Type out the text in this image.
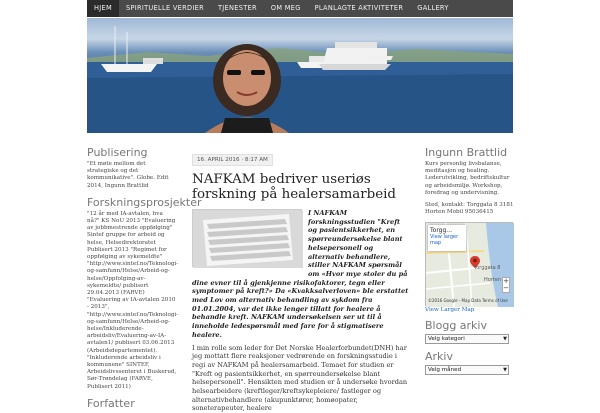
HJEM	SPIRITUELLE VERDIER	TJENESTER	OM MEG	PLANLAGTE AKTIVITETER	GALLERY
Publisering
"Et møte mellom det strategiske og det kommunikative". Globe. Edit 2014, Ingunn Brattlid
Forskningsprosjekter
"12 år med IA-avtalen, hva nå?" KS NoU 2013 "Evaluering av jobbmestrende oppfølging" Sintef gruppe for arbeid og helse, Helsedirektoratet Publisert 2013 "Regimet for oppfølging av sykemeldte" "http://www.sintef.no/Teknologi-og-samfunn/Helse/Arbeid-og-helse/Oppfolging-av-sykemeldte/ publisert 29.04.2013 (FARVE) "Evaluering av IA-avtalen 2010 - 2013", "http://www.sintef.no/Teknologi-og-samfunn/Helse/Arbeid-og-helse/Inkluderende-arbeidsliv/Evaluering-av-IA-avtalen1/ publisert 03.06.2013 (Arbeidsdepartementet). "Inkluderende arbeidsliv i kommunene" SINTEF, Arbeidslivssenteret i Buskerud, Sør-Trøndelag (FARVE, Publisert 2011)
Forfatter
16. APRIL 2016 · 8:17 AM
NAFKAM bedriver useriøs forskning på healersamarbeid
I NAFKAM forskningsstudien "Kreft og pasientsikkerhet, en spørreundersøkelse blant helsepersonell og alternativ behandlere, stiller NAFKAM spørsmål om «Hvor mye stoler du på dine evner til å gjenkjenne risikofaktorer, tegn eller symptomer på kreft?» Da «Kvakksalverloven» ble erstattet med Lov om alternativ behandling av sykdom fra 01.01.2004, var det ikke lenger tillatt for healere å behandle kreft. NAFKAM undersøkelsen ser ut til å inneholde ledespørsmål med fare for å stigmatisere healere.
I min rolle som leder for Det Norske Healerforbundet(DNH) har jeg mottatt flere reaksjoner vedrørende en forskningsstudie i regi av NAFKAM på healersamarbeid. Temaet for studien er "Kreft og pasientsikkerhet, en spørreundersøkelse blant helsepersonell". Hensikten med studien er å undersøke hvordan helsearbeidere (kreftleger/kreftsykepleiere/ fastleger og alternativbehandlere (akupunktører, homøopater, soneterapeuter, healere
Ingunn Brattlid
Kurs personlig livsbalanse, meditasjon og healing. Lederutvikling, bedriftskultur og arbeidsmiljø. Workshop, foredrag og undervisning.
Sted, kontakt: Torggata 8 3181 Horten Mobil 95036415
Torgg...
View larger map
Torggata 8
Horten +
−
©2016 Google - Map Data Terms of Use
View Larger Map
Blogg arkiv
Velg kategori	▼
Arkiv
Velg måned	▼
